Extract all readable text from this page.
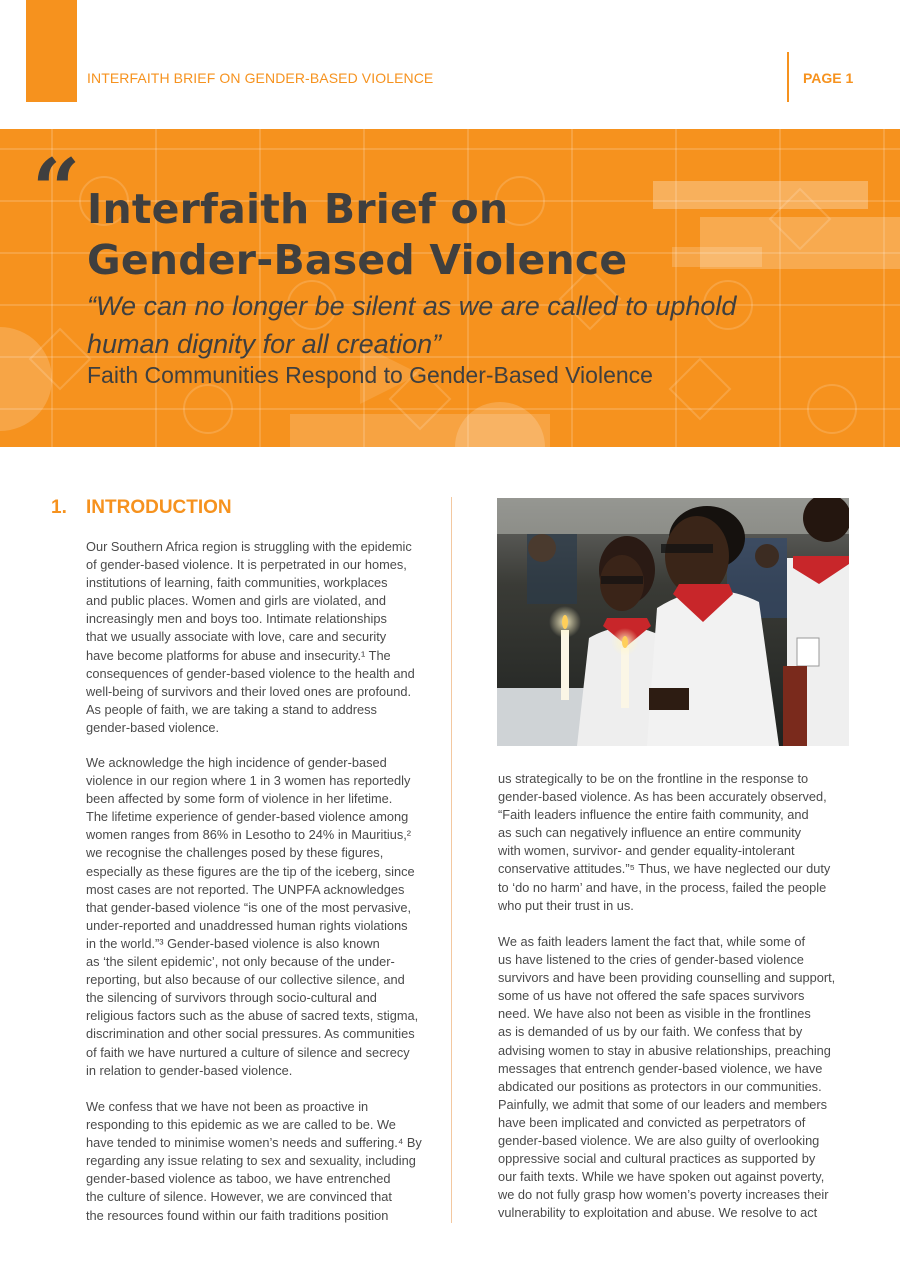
INTERFAITH BRIEF ON GENDER-BASED VIOLENCE	PAGE 1
“ Interfaith Brief on
Gender-Based Violence

“We can no longer be silent as we are called to uphold
human dignity for all creation”

Faith Communities Respond to Gender-Based Violence
1. INTRODUCTION

Our Southern Africa region is struggling with the epidemic
of gender-based violence. It is perpetrated in our homes,
institutions of learning, faith communities, workplaces
and public places. Women and girls are violated, and
increasingly men and boys too. Intimate relationships
that we usually associate with love, care and security
have become platforms for abuse and insecurity.¹ The
consequences of gender-based violence to the health and
well-being of survivors and their loved ones are profound.
As people of faith, we are taking a stand to address
gender-based violence.

We acknowledge the high incidence of gender-based
violence in our region where 1 in 3 women has reportedly
been affected by some form of violence in her lifetime.
The lifetime experience of gender-based violence among
women ranges from 86% in Lesotho to 24% in Mauritius,²
we recognise the challenges posed by these figures,
especially as these figures are the tip of the iceberg, since
most cases are not reported. The UNPFA acknowledges
that gender-based violence “is one of the most pervasive,
under-reported and unaddressed human rights violations
in the world.”³ Gender-based violence is also known
as ‘the silent epidemic’, not only because of the under-
reporting, but also because of our collective silence, and
the silencing of survivors through socio-cultural and
religious factors such as the abuse of sacred texts, stigma,
discrimination and other social pressures. As communities
of faith we have nurtured a culture of silence and secrecy
in relation to gender-based violence.

We confess that we have not been as proactive in
responding to this epidemic as we are called to be. We
have tended to minimise women’s needs and suffering.⁴ By
regarding any issue relating to sex and sexuality, including
gender-based violence as taboo, we have entrenched
the culture of silence. However, we are convinced that
the resources found within our faith traditions position

us strategically to be on the frontline in the response to
gender-based violence. As has been accurately observed,
“Faith leaders influence the entire faith community, and
as such can negatively influence an entire community
with women, survivor- and gender equality-intolerant
conservative attitudes.”⁵ Thus, we have neglected our duty
to ‘do no harm’ and have, in the process, failed the people
who put their trust in us.

We as faith leaders lament the fact that, while some of
us have listened to the cries of gender-based violence
survivors and have been providing counselling and support,
some of us have not offered the safe spaces survivors
need. We have also not been as visible in the frontlines
as is demanded of us by our faith. We confess that by
advising women to stay in abusive relationships, preaching
messages that entrench gender-based violence, we have
abdicated our positions as protectors in our communities.
Painfully, we admit that some of our leaders and members
have been implicated and convicted as perpetrators of
gender-based violence. We are also guilty of overlooking
oppressive social and cultural practices as supported by
our faith texts. While we have spoken out against poverty,
we do not fully grasp how women’s poverty increases their
vulnerability to exploitation and abuse. We resolve to act
